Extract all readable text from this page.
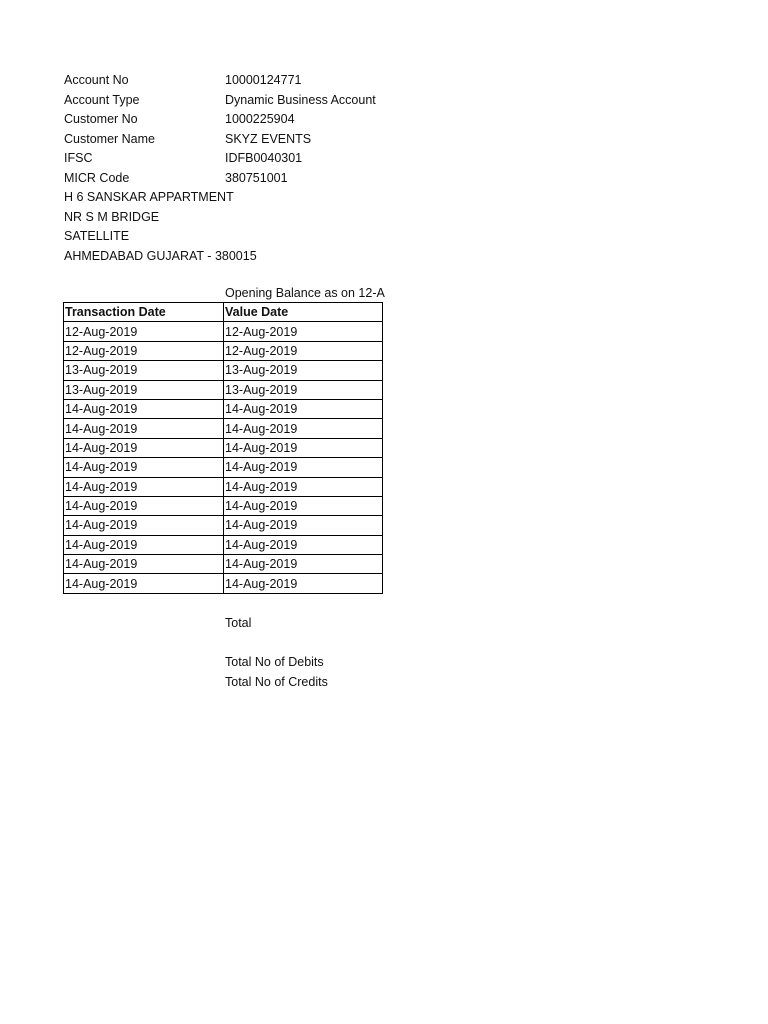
Account No	10000124771
Account Type	Dynamic Business Account
Customer No	1000225904
Customer Name	SKYZ EVENTS
IFSC	IDFB0040301
MICR Code	380751001
H 6 SANSKAR APPARTMENT
NR S M BRIDGE
SATELLITE
AHMEDABAD GUJARAT - 380015
Opening Balance as on 12-A
Transaction Date	Value Date
12-Aug-2019	12-Aug-2019
12-Aug-2019	12-Aug-2019
13-Aug-2019	13-Aug-2019
13-Aug-2019	13-Aug-2019
14-Aug-2019	14-Aug-2019
14-Aug-2019	14-Aug-2019
14-Aug-2019	14-Aug-2019
14-Aug-2019	14-Aug-2019
14-Aug-2019	14-Aug-2019
14-Aug-2019	14-Aug-2019
14-Aug-2019	14-Aug-2019
14-Aug-2019	14-Aug-2019
14-Aug-2019	14-Aug-2019
14-Aug-2019	14-Aug-2019
Total
Total No of Debits
Total No of Credits
